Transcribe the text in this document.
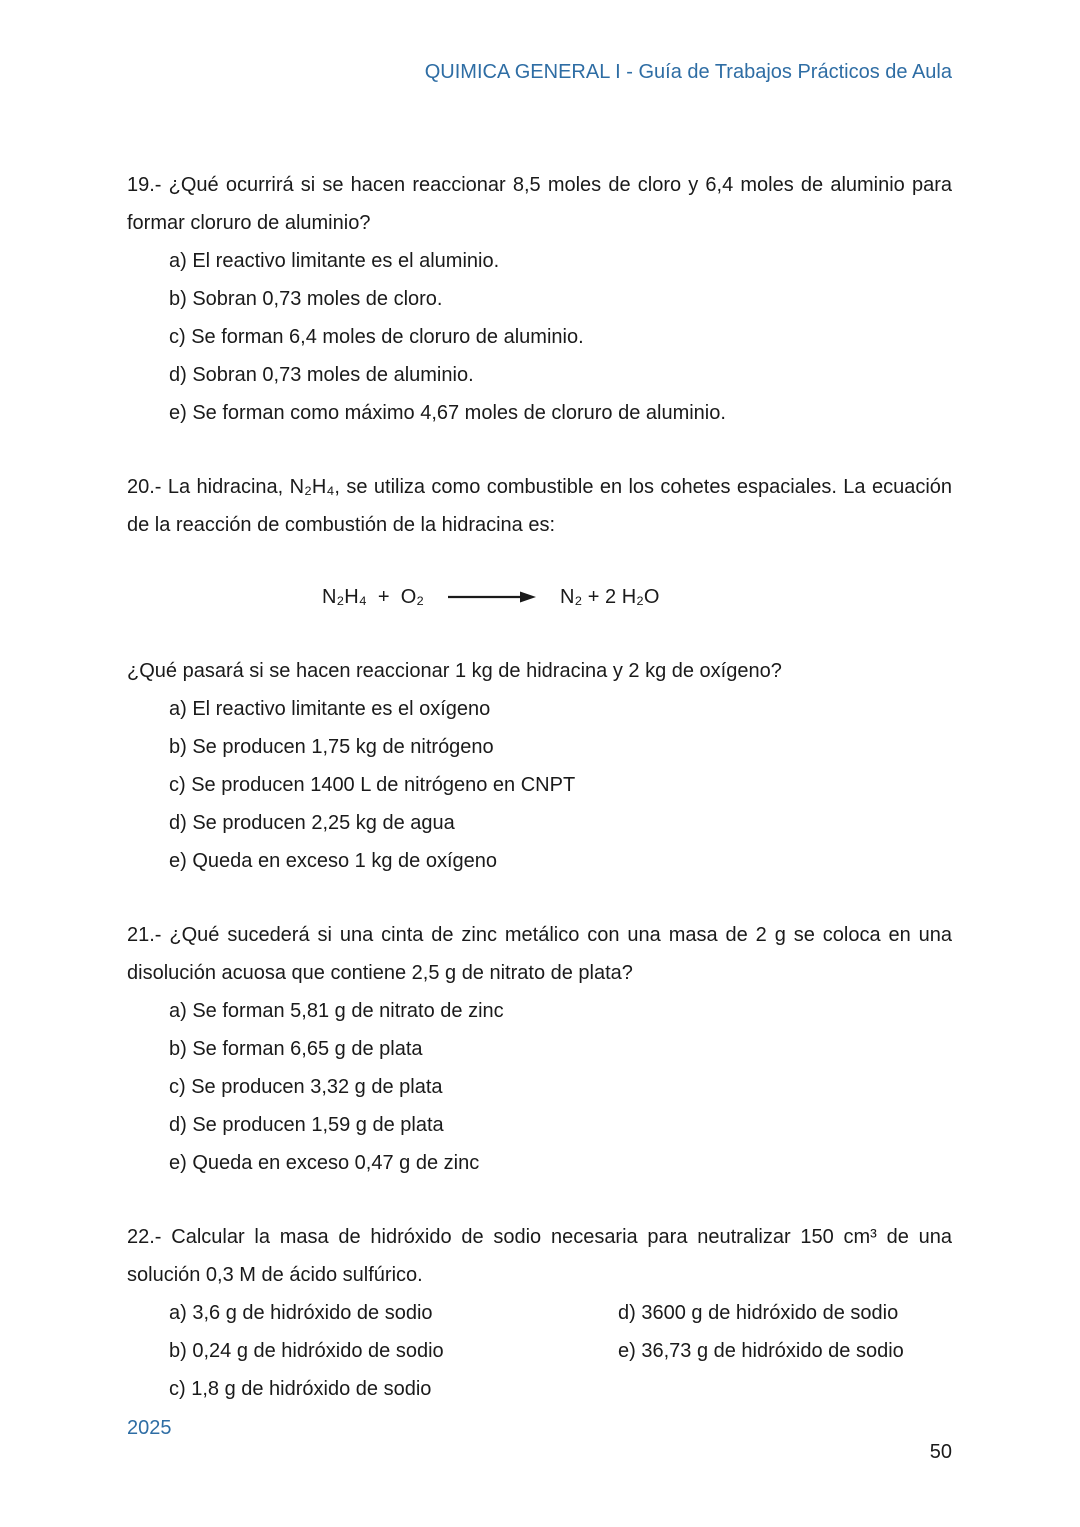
QUIMICA GENERAL I - Guía de Trabajos Prácticos de Aula

19.- ¿Qué ocurrirá si se hacen reaccionar 8,5 moles de cloro y 6,4 moles de aluminio para formar cloruro de aluminio?

a) El reactivo limitante es el aluminio.
b) Sobran 0,73 moles de cloro.
c) Se forman 6,4 moles de cloruro de aluminio.
d) Sobran 0,73 moles de aluminio.
e) Se forman como máximo 4,67 moles de cloruro de aluminio.

20.- La hidracina, N₂H₄, se utiliza como combustible en los cohetes espaciales. La ecuación de la reacción de combustión de la hidracina es:

N₂H₄  +  O₂	N₂ + 2 H₂O

¿Qué pasará si se hacen reaccionar 1 kg de hidracina y 2 kg de oxígeno?

a) El reactivo limitante es el oxígeno
b) Se producen 1,75 kg de nitrógeno
c) Se producen 1400 L de nitrógeno en CNPT
d) Se producen 2,25 kg de agua
e) Queda en exceso 1 kg de oxígeno

21.- ¿Qué sucederá si una cinta de zinc metálico con una masa de 2 g se coloca en una disolución acuosa que contiene 2,5 g de nitrato de plata?

a) Se forman 5,81 g de nitrato de zinc
b) Se forman 6,65 g de plata
c) Se producen 3,32 g de plata
d) Se producen 1,59 g de plata
e) Queda en exceso 0,47 g de zinc

22.- Calcular la masa de hidróxido de sodio necesaria para neutralizar 150 cm³ de una solución 0,3 M de ácido sulfúrico.

a) 3,6 g de hidróxido de sodio
b) 0,24 g de hidróxido de sodio
c) 1,8 g de hidróxido de sodio
d) 3600 g de hidróxido de sodio
e) 36,73 g de hidróxido de sodio
2025
50
